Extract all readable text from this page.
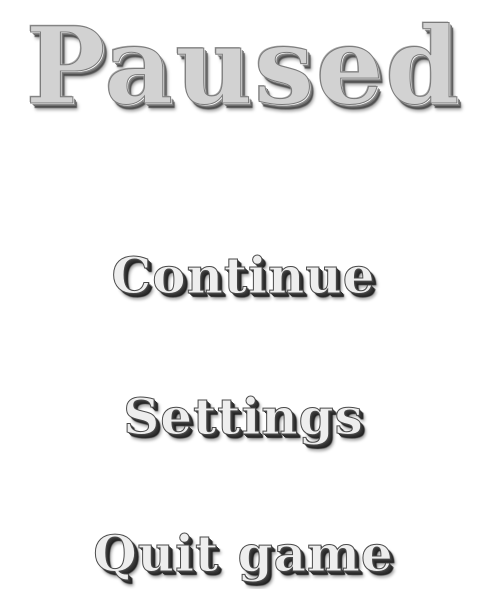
Paused
Continue
Settings
Quit game
